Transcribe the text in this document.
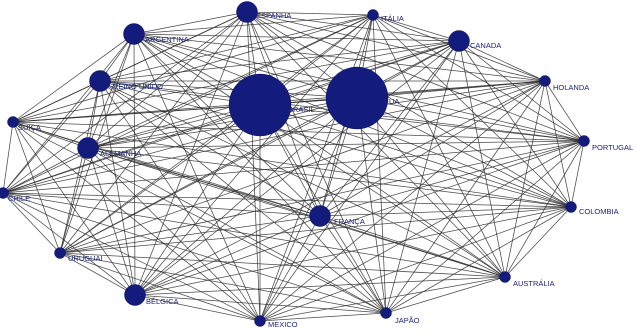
ESPANHA	ITÁLIA
ARGENTINA
CANADA
REINO UNIDO	HOLANDA
BRASIL
EUA
SUIÇA
ALEMANHA
PORTUGAL
CHILE
FRANÇA
COLOMBIA
URUGUAI
AUSTRÁLIA
BÉLGICA
MEXICO	JAPÃO
